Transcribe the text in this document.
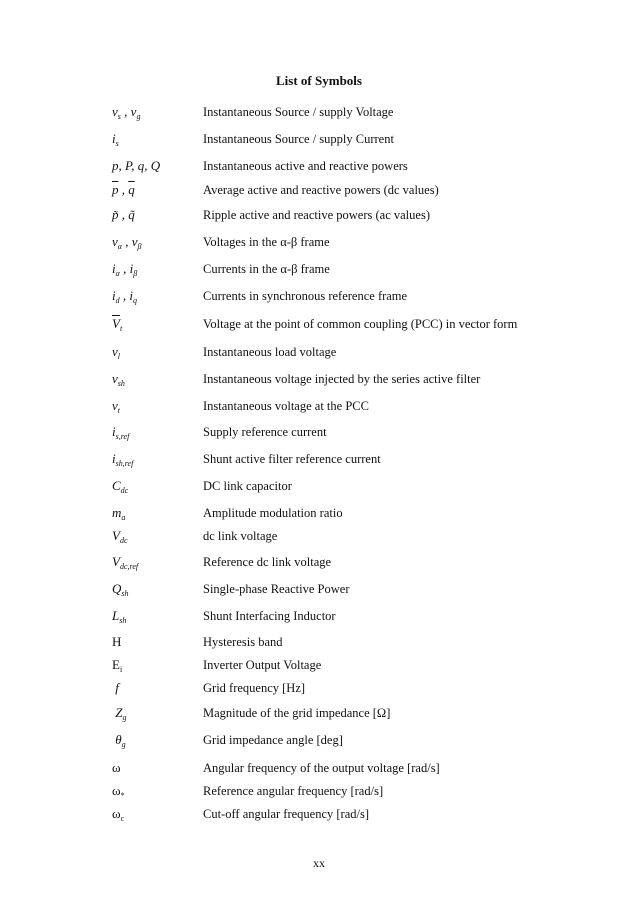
List of Symbols
$v_s$ , $v_g$	Instantaneous Source / supply Voltage
$i_s$	Instantaneous Source / supply Current
p, P, q, Q	Instantaneous active and reactive powers
$\overline{p}$ , $\overline{q}$	Average active and reactive powers (dc values)
p̃ , q̃	Ripple active and reactive powers (ac values)
$v_\alpha$ , $v_\beta$	Voltages in the α-β frame
$i_\alpha$ , $i_\beta$	Currents in the α-β frame
$i_d$ , $i_q$	Currents in synchronous reference frame
$\overline{V}_t$	Voltage at the point of common coupling (PCC) in vector form
$v_l$	Instantaneous load voltage
$v_{sh}$	Instantaneous voltage injected by the series active filter
$v_t$	Instantaneous voltage at the PCC
$i_{s,ref}$	Supply reference current
$i_{sh,ref}$	Shunt active filter reference current
$C_{dc}$	DC link capacitor
$m_a$	Amplitude modulation ratio
$V_{dc}$	dc link voltage
$V_{dc,ref}$	Reference dc link voltage
$Q_{sh}$	Single-phase Reactive Power
$L_{sh}$	Shunt Interfacing Inductor
H	Hysteresis band
$E_i$	Inverter Output Voltage
f	Grid frequency [Hz]
$Z_g$	Magnitude of the grid impedance [Ω]
$\theta_g$	Grid impedance angle [deg]
ω	Angular frequency of the output voltage [rad/s]
$\omega_*$	Reference angular frequency [rad/s]
$\omega_c$	Cut-off angular frequency [rad/s]
xx
